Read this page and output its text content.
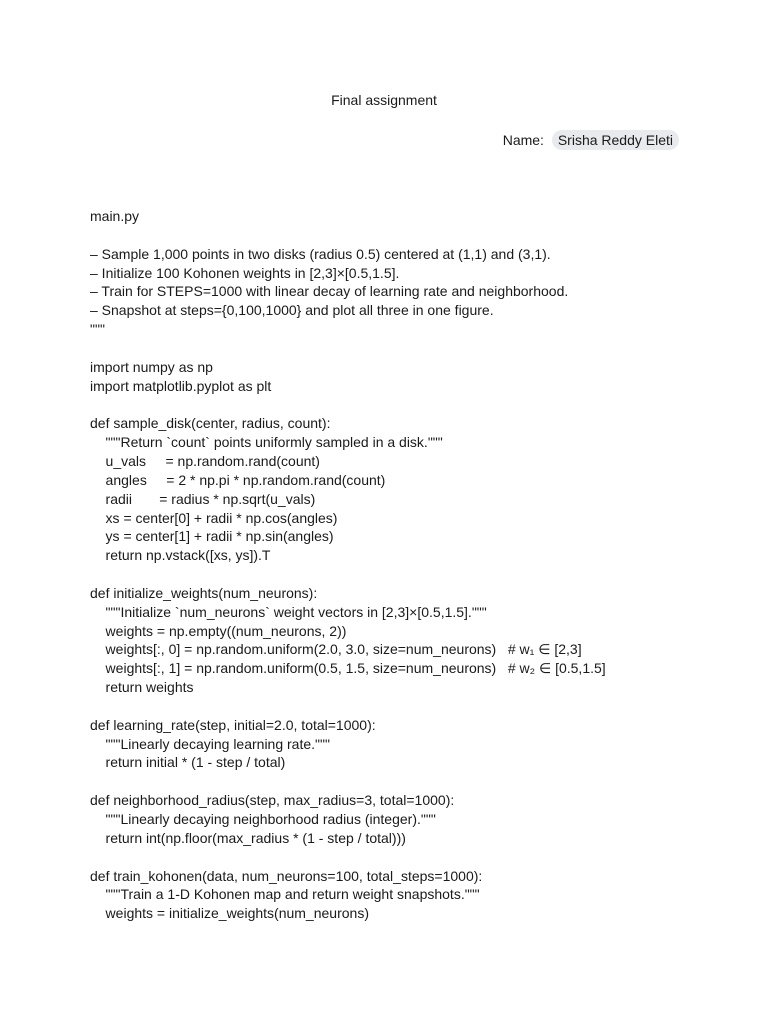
Final assignment
Name: Srisha Reddy Eleti
main.py
– Sample 1,000 points in two disks (radius 0.5) centered at (1,1) and (3,1).
– Initialize 100 Kohonen weights in [2,3]×[0.5,1.5].
– Train for STEPS=1000 with linear decay of learning rate and neighborhood.
– Snapshot at steps={0,100,1000} and plot all three in one figure.
"""
import numpy as np
import matplotlib.pyplot as plt
def sample_disk(center, radius, count):
"""Return `count` points uniformly sampled in a disk."""
u_vals     = np.random.rand(count)
angles     = 2 * np.pi * np.random.rand(count)
radii       = radius * np.sqrt(u_vals)
xs = center[0] + radii * np.cos(angles)
ys = center[1] + radii * np.sin(angles)
return np.vstack([xs, ys]).T
def initialize_weights(num_neurons):
"""Initialize `num_neurons` weight vectors in [2,3]×[0.5,1.5]."""
weights = np.empty((num_neurons, 2))
weights[:, 0] = np.random.uniform(2.0, 3.0, size=num_neurons)   # w₁ ∈ [2,3]
weights[:, 1] = np.random.uniform(0.5, 1.5, size=num_neurons)   # w₂ ∈ [0.5,1.5]
return weights
def learning_rate(step, initial=2.0, total=1000):
"""Linearly decaying learning rate."""
return initial * (1 - step / total)
def neighborhood_radius(step, max_radius=3, total=1000):
"""Linearly decaying neighborhood radius (integer)."""
return int(np.floor(max_radius * (1 - step / total)))
def train_kohonen(data, num_neurons=100, total_steps=1000):
"""Train a 1-D Kohonen map and return weight snapshots."""
weights = initialize_weights(num_neurons)
